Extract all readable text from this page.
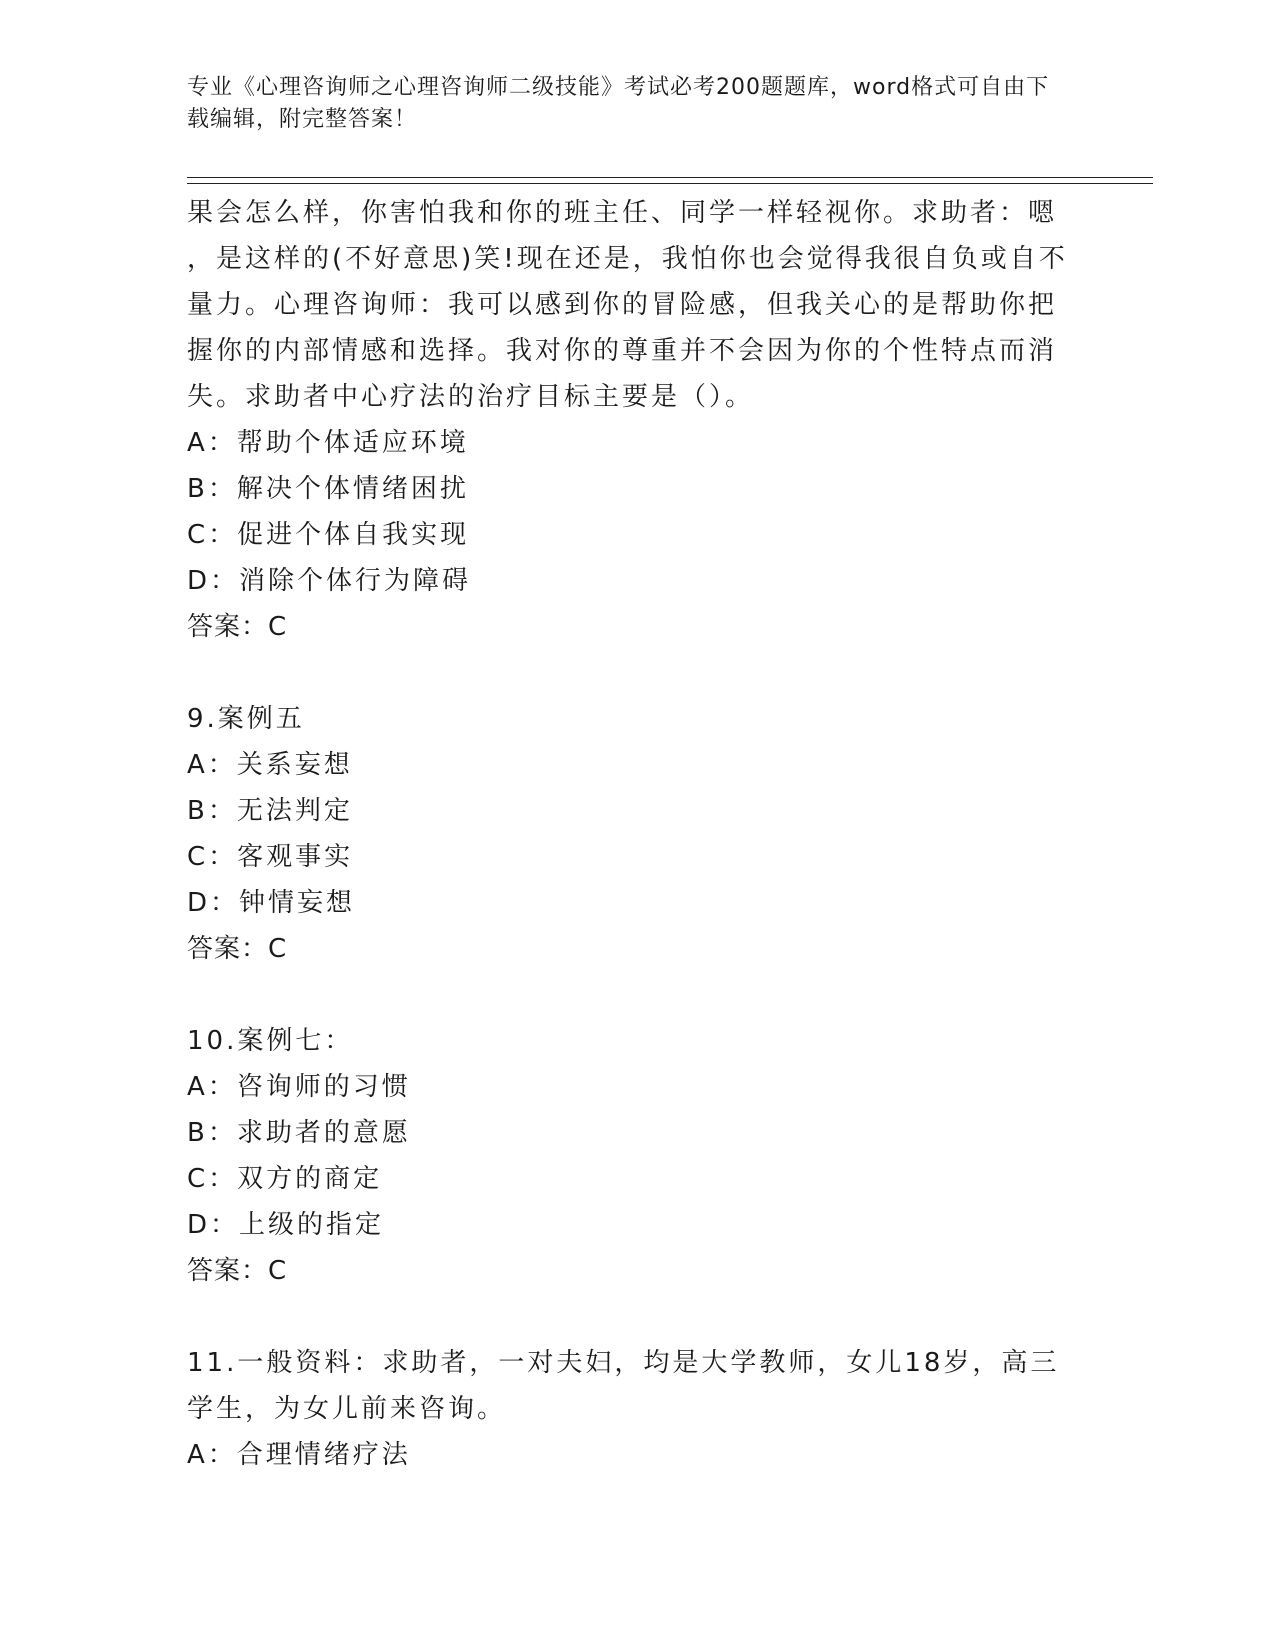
专业《心理咨询师之心理咨询师二级技能》考试必考200题题库，word格式可自由下载编辑，附完整答案！
果会怎么样，你害怕我和你的班主任、同学一样轻视你。求助者：嗯
，是这样的(不好意思)笑!现在还是，我怕你也会觉得我很自负或自不
量力。心理咨询师：我可以感到你的冒险感，但我关心的是帮助你把
握你的内部情感和选择。我对你的尊重并不会因为你的个性特点而消
失。求助者中心疗法的治疗目标主要是（）。
A：帮助个体适应环境
B：解决个体情绪困扰
C：促进个体自我实现
D：消除个体行为障碍
答案：C
9.案例五
A：关系妄想
B：无法判定
C：客观事实
D：钟情妄想
答案：C
10.案例七：
A：咨询师的习惯
B：求助者的意愿
C：双方的商定
D：上级的指定
答案：C
11.一般资料：求助者，一对夫妇，均是大学教师，女儿18岁，高三
学生，为女儿前来咨询。
A：合理情绪疗法
